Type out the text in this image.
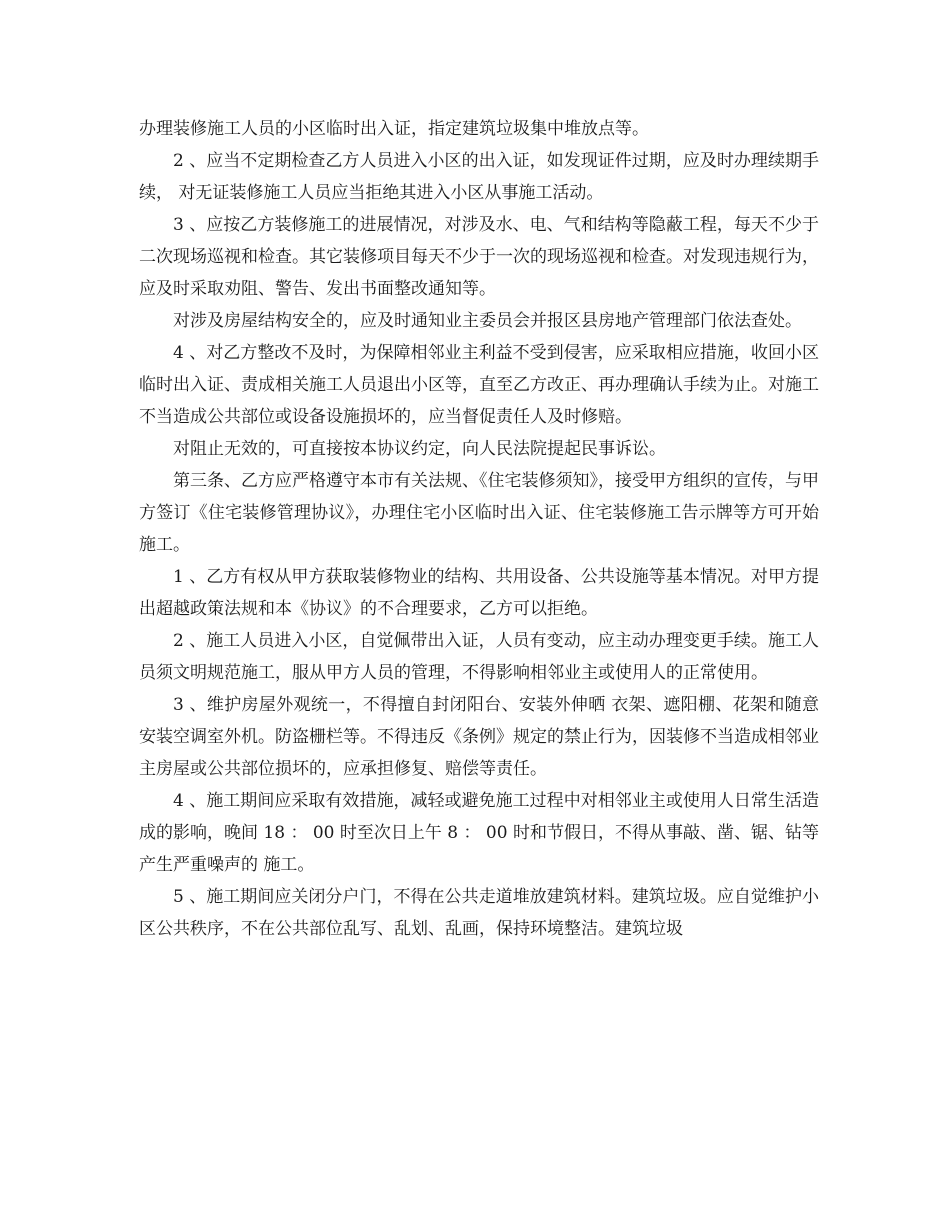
办理装修施工人员的小区临时出入证，指定建筑垃圾集中堆放点等。

2 、应当不定期检查乙方人员进入小区的出入证，如发现证件过期，应及时办理续期手续， 对无证装修施工人员应当拒绝其进入小区从事施工活动。

3 、应按乙方装修施工的进展情况，对涉及水、电、气和结构等隐蔽工程，每天不少于二次现场巡视和检查。其它装修项目每天不少于一次的现场巡视和检查。对发现违规行为，应及时采取劝阻、警告、发出书面整改通知等。

对涉及房屋结构安全的，应及时通知业主委员会并报区县房地产管理部门依法查处。

4 、对乙方整改不及时，为保障相邻业主利益不受到侵害，应采取相应措施，收回小区临时出入证、责成相关施工人员退出小区等，直至乙方改正、再办理确认手续为止。对施工不当造成公共部位或设备设施损坏的，应当督促责任人及时修赔。

对阻止无效的，可直接按本协议约定，向人民法院提起民事诉讼。

第三条、乙方应严格遵守本市有关法规、《住宅装修须知》，接受甲方组织的宣传，与甲方签订《住宅装修管理协议》，办理住宅小区临时出入证、住宅装修施工告示牌等方可开始施工。

1 、乙方有权从甲方获取装修物业的结构、共用设备、公共设施等基本情况。对甲方提出超越政策法规和本《协议》的不合理要求，乙方可以拒绝。

2 、施工人员进入小区，自觉佩带出入证，人员有变动，应主动办理变更手续。施工人员须文明规范施工，服从甲方人员的管理，不得影响相邻业主或使用人的正常使用。

3 、维护房屋外观统一，不得擅自封闭阳台、安装外伸晒 衣架、遮阳棚、花架和随意安装空调室外机。防盗栅栏等。不得违反《条例》规定的禁止行为，因装修不当造成相邻业主房屋或公共部位损坏的，应承担修复、赔偿等责任。

4 、施工期间应采取有效措施，减轻或避免施工过程中对相邻业主或使用人日常生活造成的影响，晚间 18 ： 00 时至次日上午 8 ： 00 时和节假日，不得从事敲、凿、锯、钻等产生严重噪声的 施工。

5 、施工期间应关闭分户门，不得在公共走道堆放建筑材料。建筑垃圾。应自觉维护小区公共秩序，不在公共部位乱写、乱划、乱画，保持环境整洁。建筑垃圾
